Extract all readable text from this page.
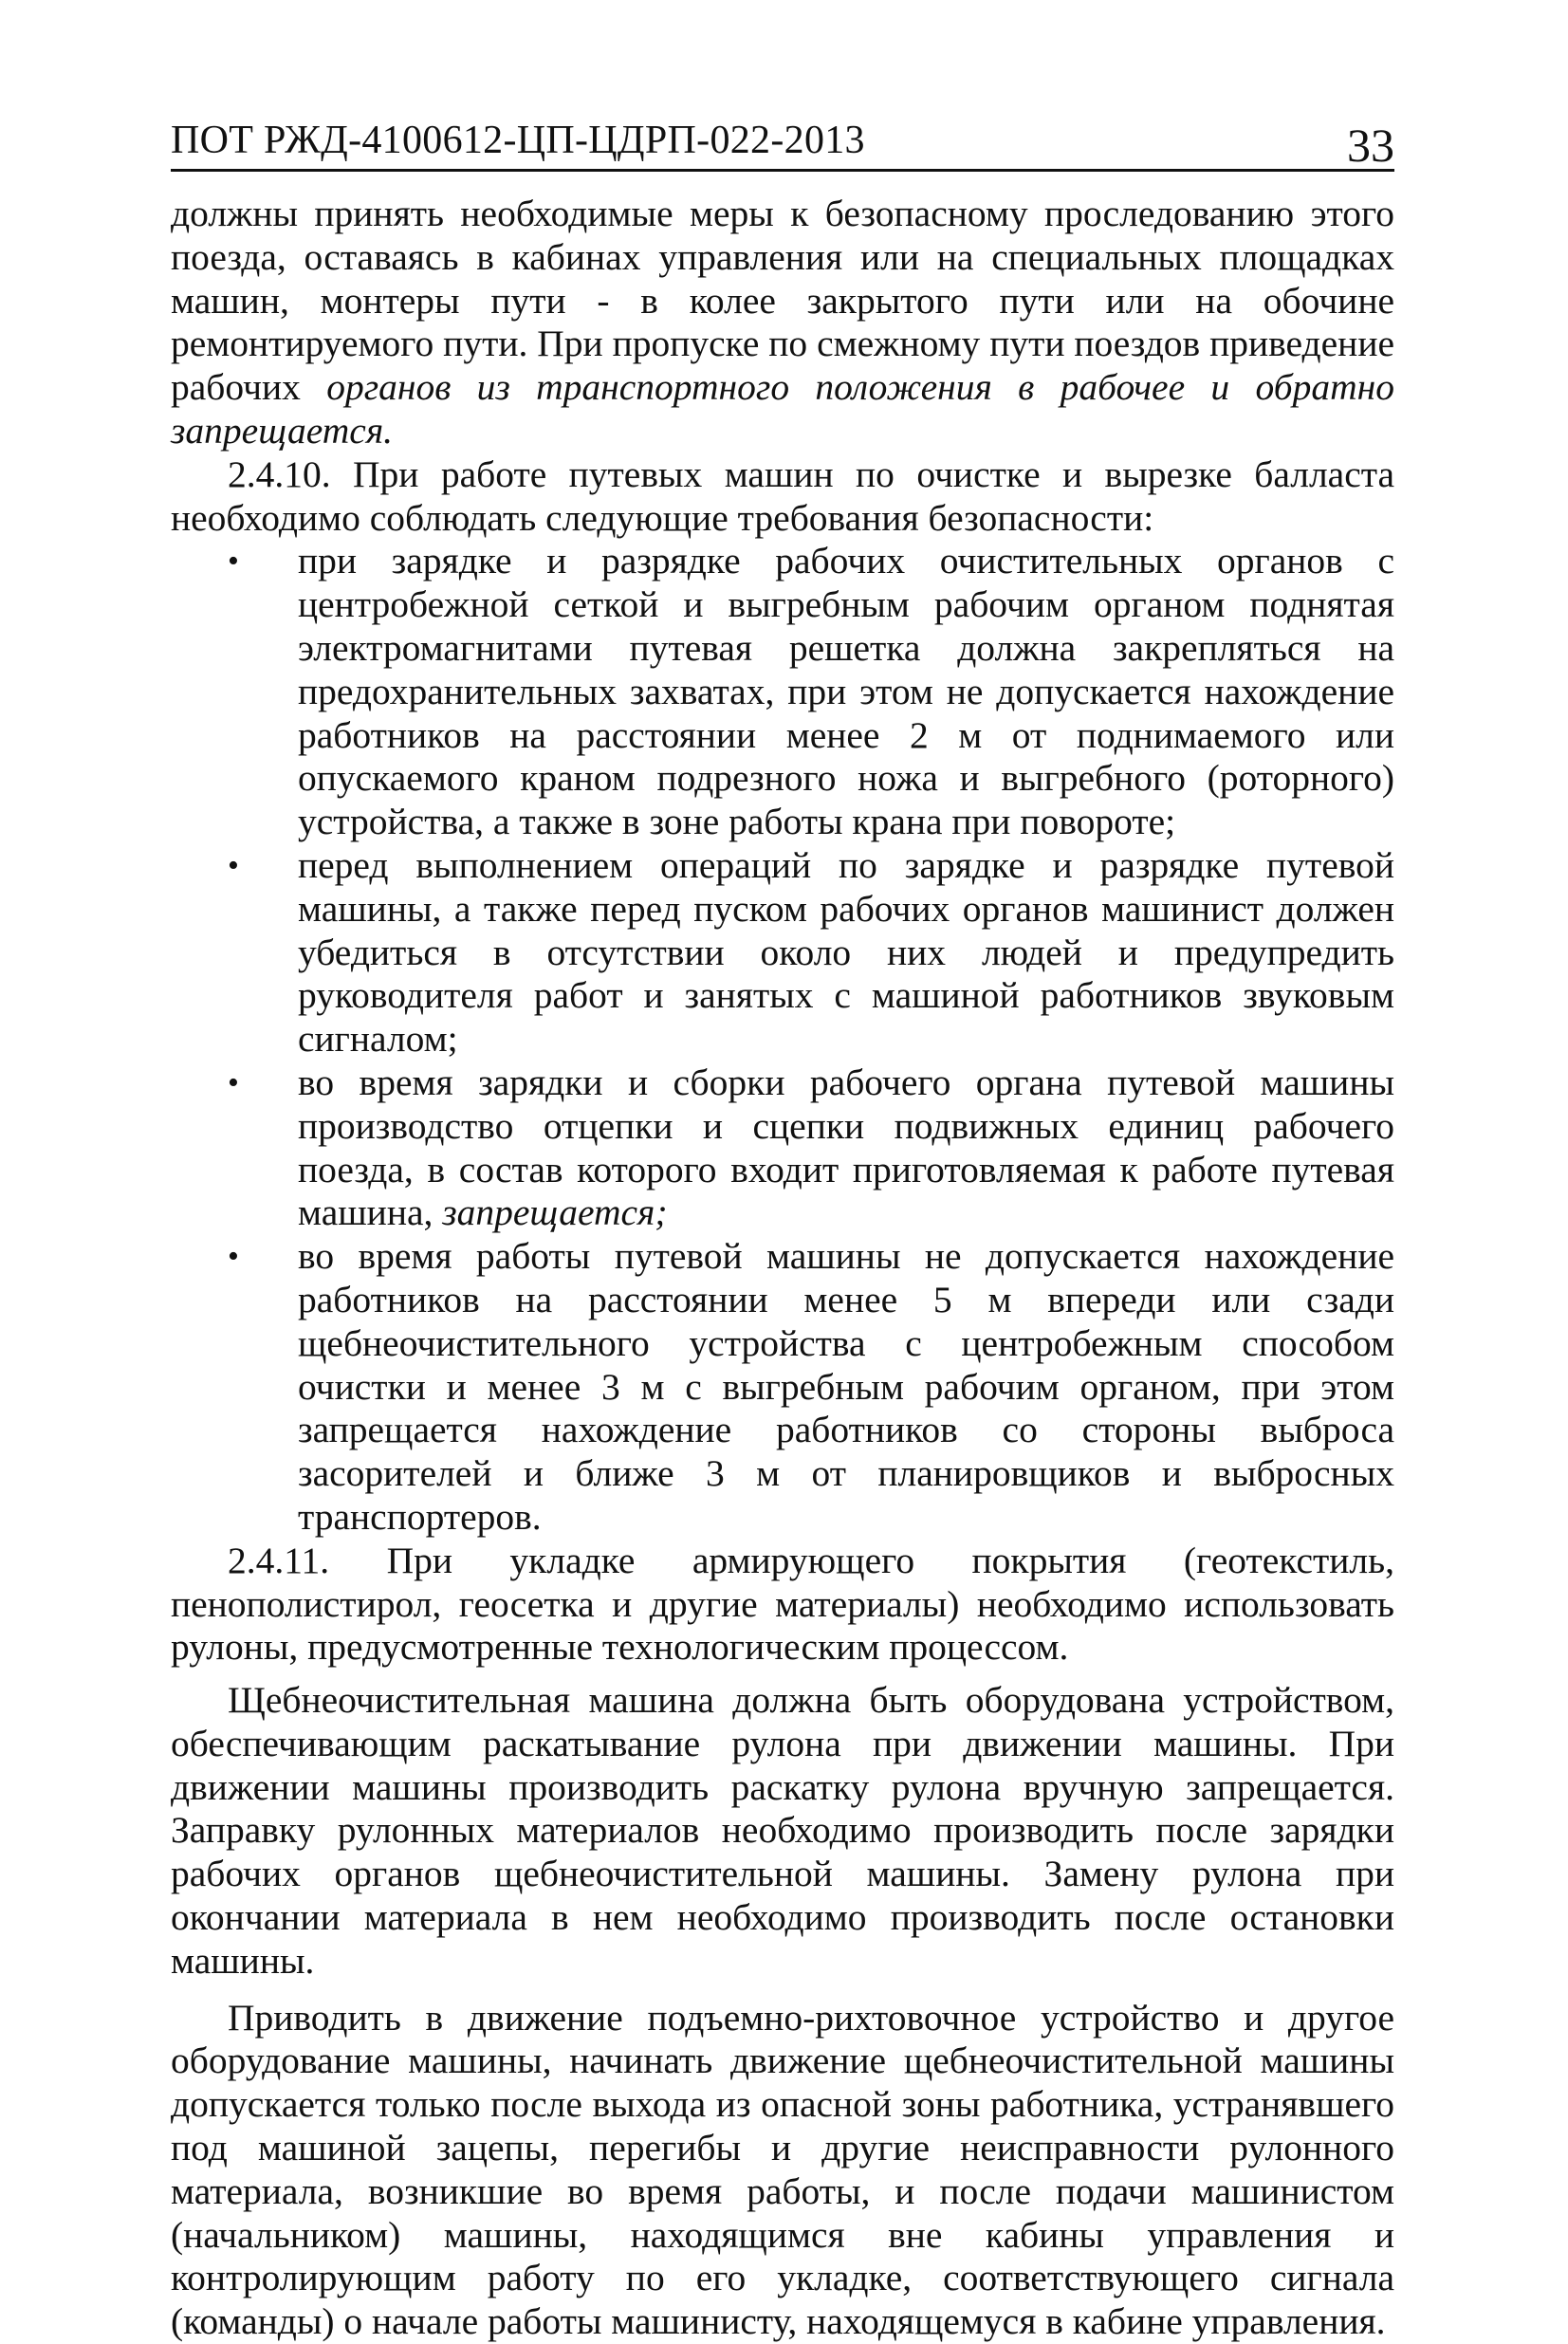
ПОТ РЖД-4100612-ЦП-ЦДРП-022-2013	33

должны принять необходимые меры к безопасному проследованию этого поезда, оставаясь в кабинах управления или на специальных площадках машин, монтеры пути - в колее закрытого пути или на обочине ремонтируемого пути. При пропуске по смежному пути поездов приведение рабочих органов из транспортного положения в рабочее и обратно запрещается.

2.4.10. При работе путевых машин по очистке и вырезке балласта необходимо соблюдать следующие требования безопасности:

• при зарядке и разрядке рабочих очистительных органов с центробежной сеткой и выгребным рабочим органом поднятая электромагнитами путевая решетка должна закрепляться на предохранительных захватах, при этом не допускается нахождение работников на расстоянии менее 2 м от поднимаемого или опускаемого краном подрезного ножа и выгребного (роторного) устройства, а также в зоне работы крана при повороте;
• перед выполнением операций по зарядке и разрядке путевой машины, а также перед пуском рабочих органов машинист должен убедиться в отсутствии около них людей и предупредить руководителя работ и занятых с машиной работников звуковым сигналом;
• во время зарядки и сборки рабочего органа путевой машины производство отцепки и сцепки подвижных единиц рабочего поезда, в состав которого входит приготовляемая к работе путевая машина, запрещается;
• во время работы путевой машины не допускается нахождение работников на расстоянии менее 5 м впереди или сзади щебнеочистительного устройства с центробежным способом очистки и менее 3 м с выгребным рабочим органом, при этом запрещается нахождение работников со стороны выброса засорителей и ближе 3 м от планировщиков и выбросных транспортеров.

2.4.11. При укладке армирующего покрытия (геотекстиль, пенополистирол, геосетка и другие материалы) необходимо использовать рулоны, предусмотренные технологическим процессом.

Щебнеочистительная машина должна быть оборудована устройством, обеспечивающим раскатывание рулона при движении машины. При движении машины производить раскатку рулона вручную запрещается. Заправку рулонных материалов необходимо производить после зарядки рабочих органов щебнеочистительной машины. Замену рулона при окончании материала в нем необходимо производить после остановки машины.

Приводить в движение подъемно-рихтовочное устройство и другое оборудование машины, начинать движение щебнеочистительной машины допускается только после выхода из опасной зоны работника, устранявшего под машиной зацепы, перегибы и другие неисправности рулонного материала, возникшие во время работы, и после подачи машинистом (начальником) машины, находящимся вне кабины управления и контролирующим работу по его укладке, соответствующего сигнала (команды) о начале работы машинисту, находящемуся в кабине управления.
